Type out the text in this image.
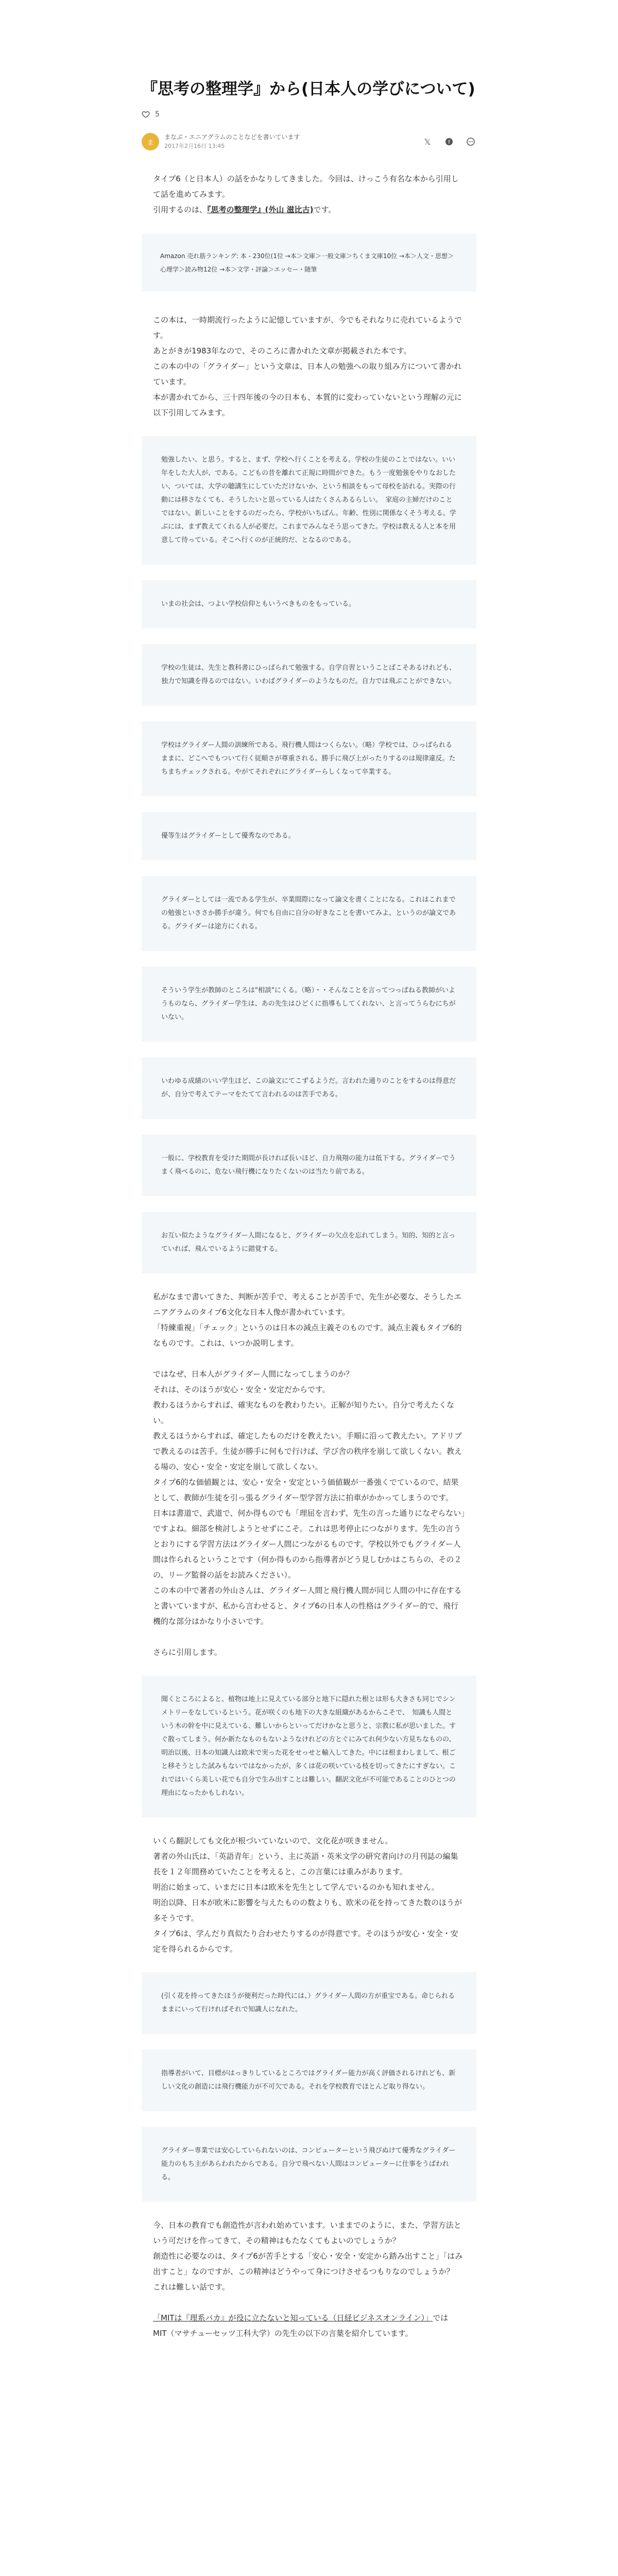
『思考の整理学』から(日本人の学びについて)
5
ま
まなぶ・エニアグラムのことなどを書いています
2017年2月16日 13:45	𝕏	f

タイプ6（と日本人）の話をかなりしてきました。今回は、けっこう有名な本から引用して話を進めてみます。

引用するのは、『思考の整理学』(外山 滋比古)です。

Amazon 売れ筋ランキング: 本 - 230位(1位 →本＞文庫＞一般文庫＞ちくま文庫10位 →本＞人文・思想＞心理学＞読み物12位 →本＞文学・評論＞エッセー・随筆

この本は、一時期流行ったように記憶していますが、今でもそれなりに売れているようです。

あとがきが1983年なので、そのころに書かれた文章が掲載された本です。

この本の中の「グライダー」という文章は、日本人の勉強への取り組み方について書かれています。

本が書かれてから、三十四年後の今の日本も、本質的に変わっていないという理解の元に以下引用してみます。

勉強したい、と思う。すると、まず、学校へ行くことを考える。学校の生徒のことではない。いい年をした大人が、である。こどもの昔を離れて正規に時間ができた。もう一度勉強をやりなおしたい、ついては、大学の聴講生にしていただけないか、という相談をもって母校を訪れる。実際の行動には移さなくても、そうしたいと思っている人はたくさんあるらしい。　家庭の主婦だけのことではない。新しいことをするのだったら、学校がいちばん。年齢、性別に関係なくそう考える。学ぶには、まず教えてくれる人が必要だ。これまでみんなそう思ってきた。学校は教える人と本を用意して待っている。そこへ行くのが正統的だ、となるのである。
いまの社会は、つよい学校信仰ともいうべきものをもっている。
学校の生徒は、先生と教科書にひっぱられて勉強する。自学自習ということばこそあるけれども、独力で知識を得るのではない。いわばグライダーのようなものだ。自力では飛ぶことができない。
学校はグライダー人間の訓練所である。飛行機人間はつくらない。（略）学校では、ひっぱられるままに、どこへでもついて行く従順さが尊重される。勝手に飛び上がったりするのは規律違反。たちまちチェックされる。やがてそれぞれにグライダーらしくなって卒業する。
優等生はグライダーとして優秀なのである。
グライダーとしては一流である学生が、卒業間際になって論文を書くことになる。これはこれまでの勉強といささか勝手が違う。何でも自由に自分の好きなことを書いてみよ、というのが論文である。グライダーは途方にくれる。
そういう学生が教師のところは"相談"にくる。（略）・・そんなことを言ってつっぱねる教師がいようものなら、グライダー学生は、あの先生はひどくに指導もしてくれない、と言ってうらむにちがいない。
いわゆる成績のいい学生ほど、この論文にてこずるようだ。言われた通りのことをするのは得意だが、自分で考えてテーマをたてて言われるのは苦手である。
一般に、学校教育を受けた期間が長ければ長いほど、自力飛翔の能力は低下する。グライダーでうまく飛べるのに、危ない飛行機になりたくないのは当たり前である。
お互い似たようなグライダー人間になると、グライダーの欠点を忘れてしまう。知的、知的と言っていれば、飛んでいるように錯覚する。

私がなまで書いてきた、判断が苦手で、考えることが苦手で、先生が必要な、そうしたエニアグラムのタイプ6文化な日本人像が書かれています。

「特練重視」「チェック」というのは日本の減点主義そのものです。減点主義もタイプ6的なものです。これは、いつか説明します。

ではなぜ、日本人がグライダー人間になってしまうのか？

それは、そのほうが安心・安全・安定だからです。

教わるほうからすれば、確実なものを教わりたい。正解が知りたい。自分で考えたくない。

教えるほうからすれば、確定したものだけを教えたい。手順に沿って教えたい。アドリブで教えるのは苦手。生徒が勝手に何もで行けば、学び舎の秩序を崩して欲しくない。教える場の、安心・安全・安定を崩して欲しくない。

タイプ6的な価値観とは、安心・安全・安定という価値観が一番強くでているので、結果として、教師が生徒を引っ張るグライダー型学習方法に拍車がかかってしまうのです。

日本は書道で、武道で、何か得ものでも「理屈を言わず、先生の言った通りになぞらない」ですよね。細部を検討しようとせずにこそ。これは思考停止につながります。先生の言うとおりにする学習方法はグライダー人間につながるものです。学校以外でもグライダー人間は作られるということです（何か得ものから指導者がどう見しむかはこちらの、その２の、リーグ監督の話をお読みください）。

この本の中で著者の外山さんは、グライダー人間と飛行機人間が同じ人間の中に存在すると書いていますが、私から言わせると、タイプ6の日本人の性格はグライダー的で、飛行機的な部分はかなり小さいです。

さらに引用します。

聞くところによると、植物は地上に見えている部分と地下に隠れた根とは形も大きさも同じでシンメトリーをなしているという。花が咲くのも地下の大きな組織があるからこそで、　知識も人間という木の幹を中に見えている、難しいからといってだけかなと思うと、宗教に私が思いました。すぐ散ってしまう。何か新たなものもないようなけれどの方とぐにみてれ何少ない方見ちなものの、明治以後、日本の知識人は欧米で実った花をせっせと輸入してきた。中には根まわしまして、根ごと移そうとした試みもないではなかったが、多くは花の咲いている枝を切ってきたにすぎない。これではいくら美しい花でも自分で生み出すことは難しい。翻訳文化が不可能であることのひとつの理由になったかもしれない。

いくら翻訳しても文化が根づいていないので、文化花が咲きません。

著者の外山氏は、「英語青年」という、主に英語・英米文学の研究者向けの月刊誌の編集長を１２年間務めていたことを考えると、この言葉には重みがあります。

明治に始まって、いまだに日本は欧米を先生として学んでいるのかも知れません。

明治以降、日本が欧米に影響を与えたものの数よりも、欧米の花を持ってきた数のほうが多そうです。

タイプ6は、学んだり真似たり合わせたりするのが得意です。そのほうが安心・安全・安定を得られるからです。

(引く花を持ってきたほうが便利だった時代には、）グライダー人間の方が重宝である。命じられるままにいって行ければそれで知識人になれた。
指導者がいて、目標がはっきりしているところではグライダー能力が高く評価されるけれども、新しい文化の創造には飛行機能力が不可欠である。それを学校教育でほとんど取り得ない。
グライダー専業では安心していられないのは、コンピューターという飛びぬけて優秀なグライダー能力のもち主があらわれたからである。自分で飛べない人間はコンピューターに仕事をうばわれる。

今、日本の教育でも創造性が言われ始めています。いままでのように、また、学習方法という可だけを作ってきて、その精神はもたなくてもよいのでしょうか？

創造性に必要なのは、タイプ6が苦手とする「安心・安全・安定から踏み出すこと」「はみ出すこと」なのですが、この精神はどうやって身につけさせるつもりなのでしょうか？

これは難しい話です。

「MITは『理系バカ』が役に立たないと知っている（日経ビジネスオンライン）」では

MIT（マサチューセッツ工科大学）の先生の以下の言葉を紹介しています。
